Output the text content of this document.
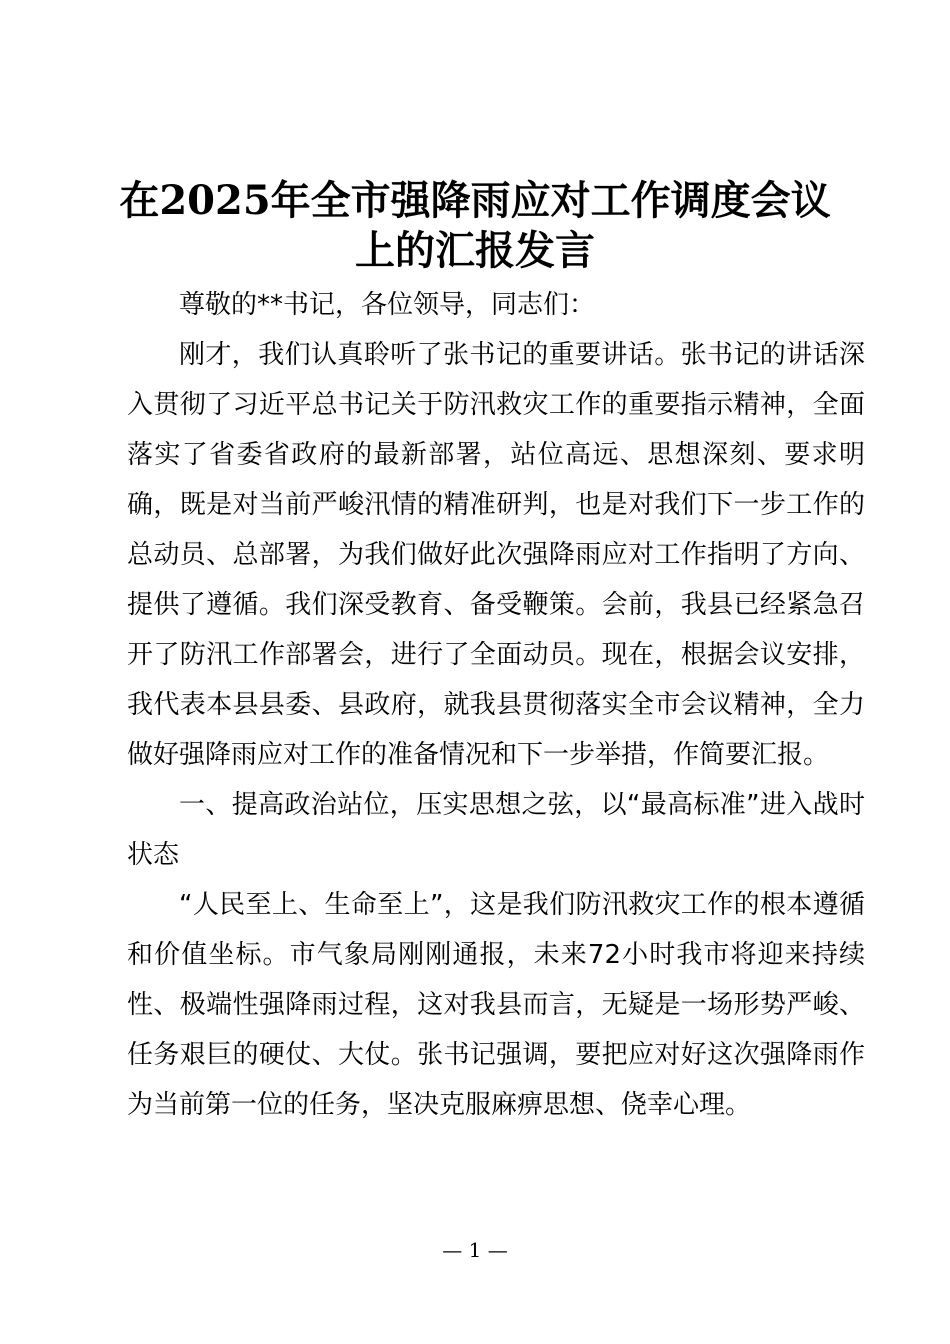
在2025年全市强降雨应对工作调度会议上的汇报发言

尊敬的**书记，各位领导，同志们：

刚才，我们认真聆听了张书记的重要讲话。张书记的讲话深入贯彻了习近平总书记关于防汛救灾工作的重要指示精神，全面落实了省委省政府的最新部署，站位高远、思想深刻、要求明确，既是对当前严峻汛情的精准研判，也是对我们下一步工作的总动员、总部署，为我们做好此次强降雨应对工作指明了方向、提供了遵循。我们深受教育、备受鞭策。会前，我县已经紧急召开了防汛工作部署会，进行了全面动员。现在，根据会议安排，我代表本县县委、县政府，就我县贯彻落实全市会议精神，全力做好强降雨应对工作的准备情况和下一步举措，作简要汇报。

一、提高政治站位，压实思想之弦，以“最高标准”进入战时状态

“人民至上、生命至上”，这是我们防汛救灾工作的根本遵循和价值坐标。市气象局刚刚通报，未来72小时我市将迎来持续性、极端性强降雨过程，这对我县而言，无疑是一场形势严峻、任务艰巨的硬仗、大仗。张书记强调，要把应对好这次强降雨作为当前第一位的任务，坚决克服麻痹思想、侥幸心理。

— 1 —
